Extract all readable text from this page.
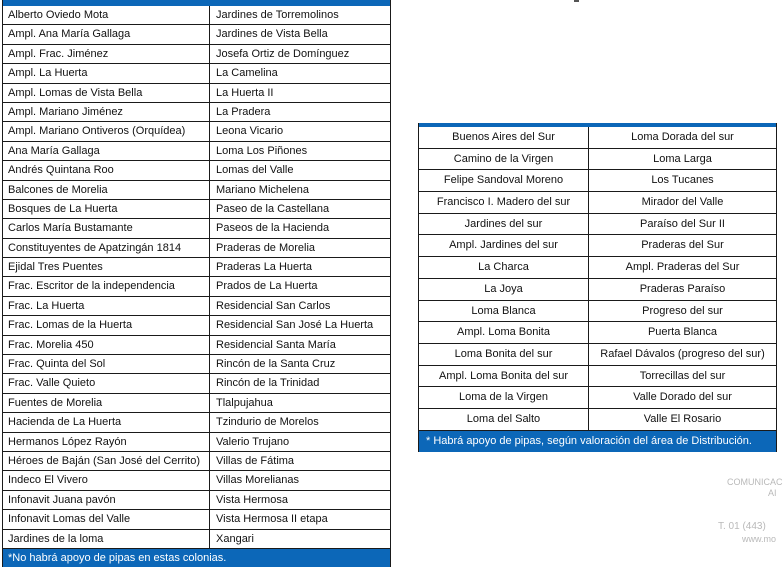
Alberto Oviedo Mota	Jardines de Torremolinos
Ampl. Ana María Gallaga	Jardines de Vista Bella
Ampl. Frac. Jiménez	Josefa Ortiz de Domínguez
Ampl. La Huerta	La Camelina
Ampl. Lomas de Vista Bella	La Huerta II
Ampl. Mariano Jiménez	La Pradera
Ampl. Mariano Ontiveros (Orquídea)	Leona Vicario
Ana María Gallaga	Loma Los Piñones
Andrés Quintana Roo	Lomas del Valle
Balcones de Morelia	Mariano Michelena
Bosques de La Huerta	Paseo de la Castellana
Carlos María Bustamante	Paseos de la Hacienda
Constituyentes de Apatzingán 1814	Praderas de Morelia
Ejidal Tres Puentes	Praderas La Huerta
Frac. Escritor de la independencia	Prados de La Huerta
Frac. La Huerta	Residencial San Carlos
Frac. Lomas de la Huerta	Residencial San José La Huerta
Frac. Morelia 450	Residencial Santa María
Frac. Quinta del Sol	Rincón de la Santa Cruz
Frac. Valle Quieto	Rincón de la Trinidad
Fuentes de Morelia	Tlalpujahua
Hacienda de La Huerta	Tzindurio de Morelos
Hermanos López Rayón	Valerio Trujano
Héroes de Baján (San José del Cerrito)	Villas de Fátima
Indeco El Vivero	Villas Morelianas
Infonavit Juana pavón	Vista Hermosa
Infonavit Lomas del Valle	Vista Hermosa II etapa
Jardines de la loma	Xangari
*No habrá apoyo de pipas en estas colonias.
Buenos Aires del Sur	Loma Dorada del sur
Camino de la Virgen	Loma Larga
Felipe Sandoval Moreno	Los Tucanes
Francisco I. Madero del sur	Mirador del Valle
Jardines del sur	Paraíso del Sur II
Ampl. Jardines del sur	Praderas del Sur
La Charca	Ampl. Praderas del Sur
La Joya	Praderas Paraíso
Loma Blanca	Progreso del sur
Ampl. Loma Bonita	Puerta Blanca
Loma Bonita del sur	Rafael Dávalos (progreso del sur)
Ampl. Loma Bonita del sur	Torrecillas del sur
Loma de la Virgen	Valle Dorado del sur
Loma del Salto	Valle El Rosario
* Habrá apoyo de pipas, según valoración del área de Distribución.
COMUNICAC
AI
T. 01 (443)
www.mo
